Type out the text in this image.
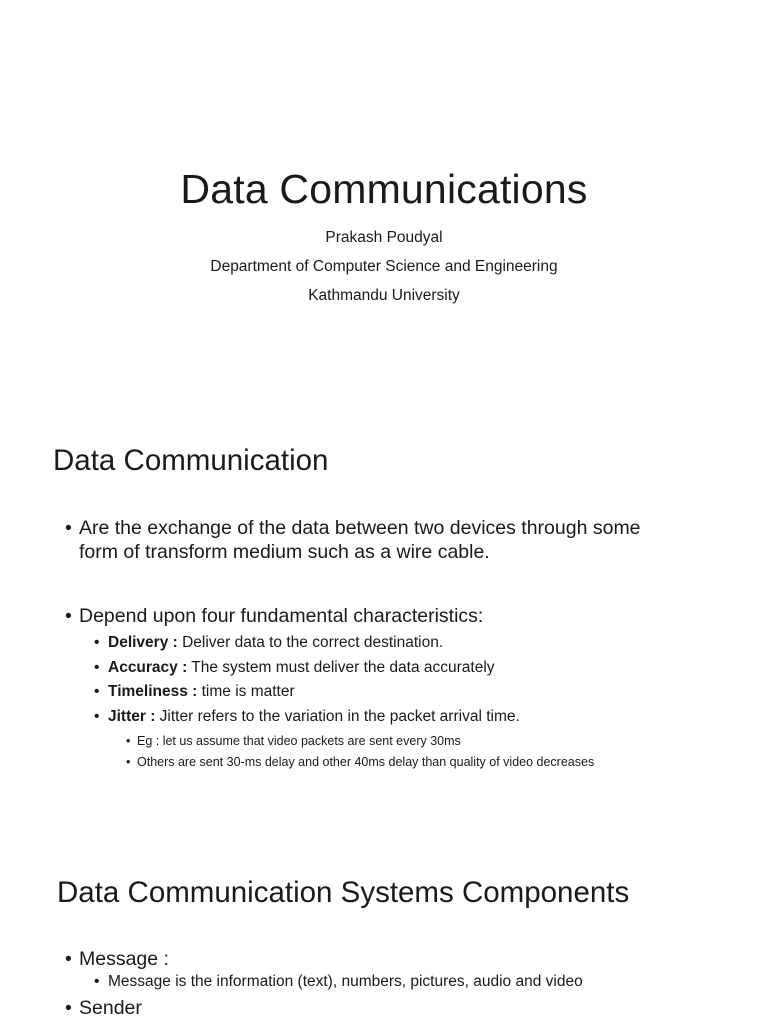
Data Communications
Prakash Poudyal
Department of Computer Science and Engineering
Kathmandu University
Data Communication
• Are the exchange of the data between two devices through some
form of transform medium such as a wire cable.
• Depend upon four fundamental characteristics:
• Delivery : Deliver data to the correct destination.
• Accuracy : The system must deliver the data accurately
• Timeliness : time is matter
• Jitter : Jitter refers to the variation in the packet arrival time.
• Eg : let us assume that video packets are sent every 30ms
• Others are sent 30-ms delay and other 40ms delay than quality of video decreases
Data Communication Systems Components
• Message :
• Message is the information (text), numbers, pictures, audio and video
• Sender
